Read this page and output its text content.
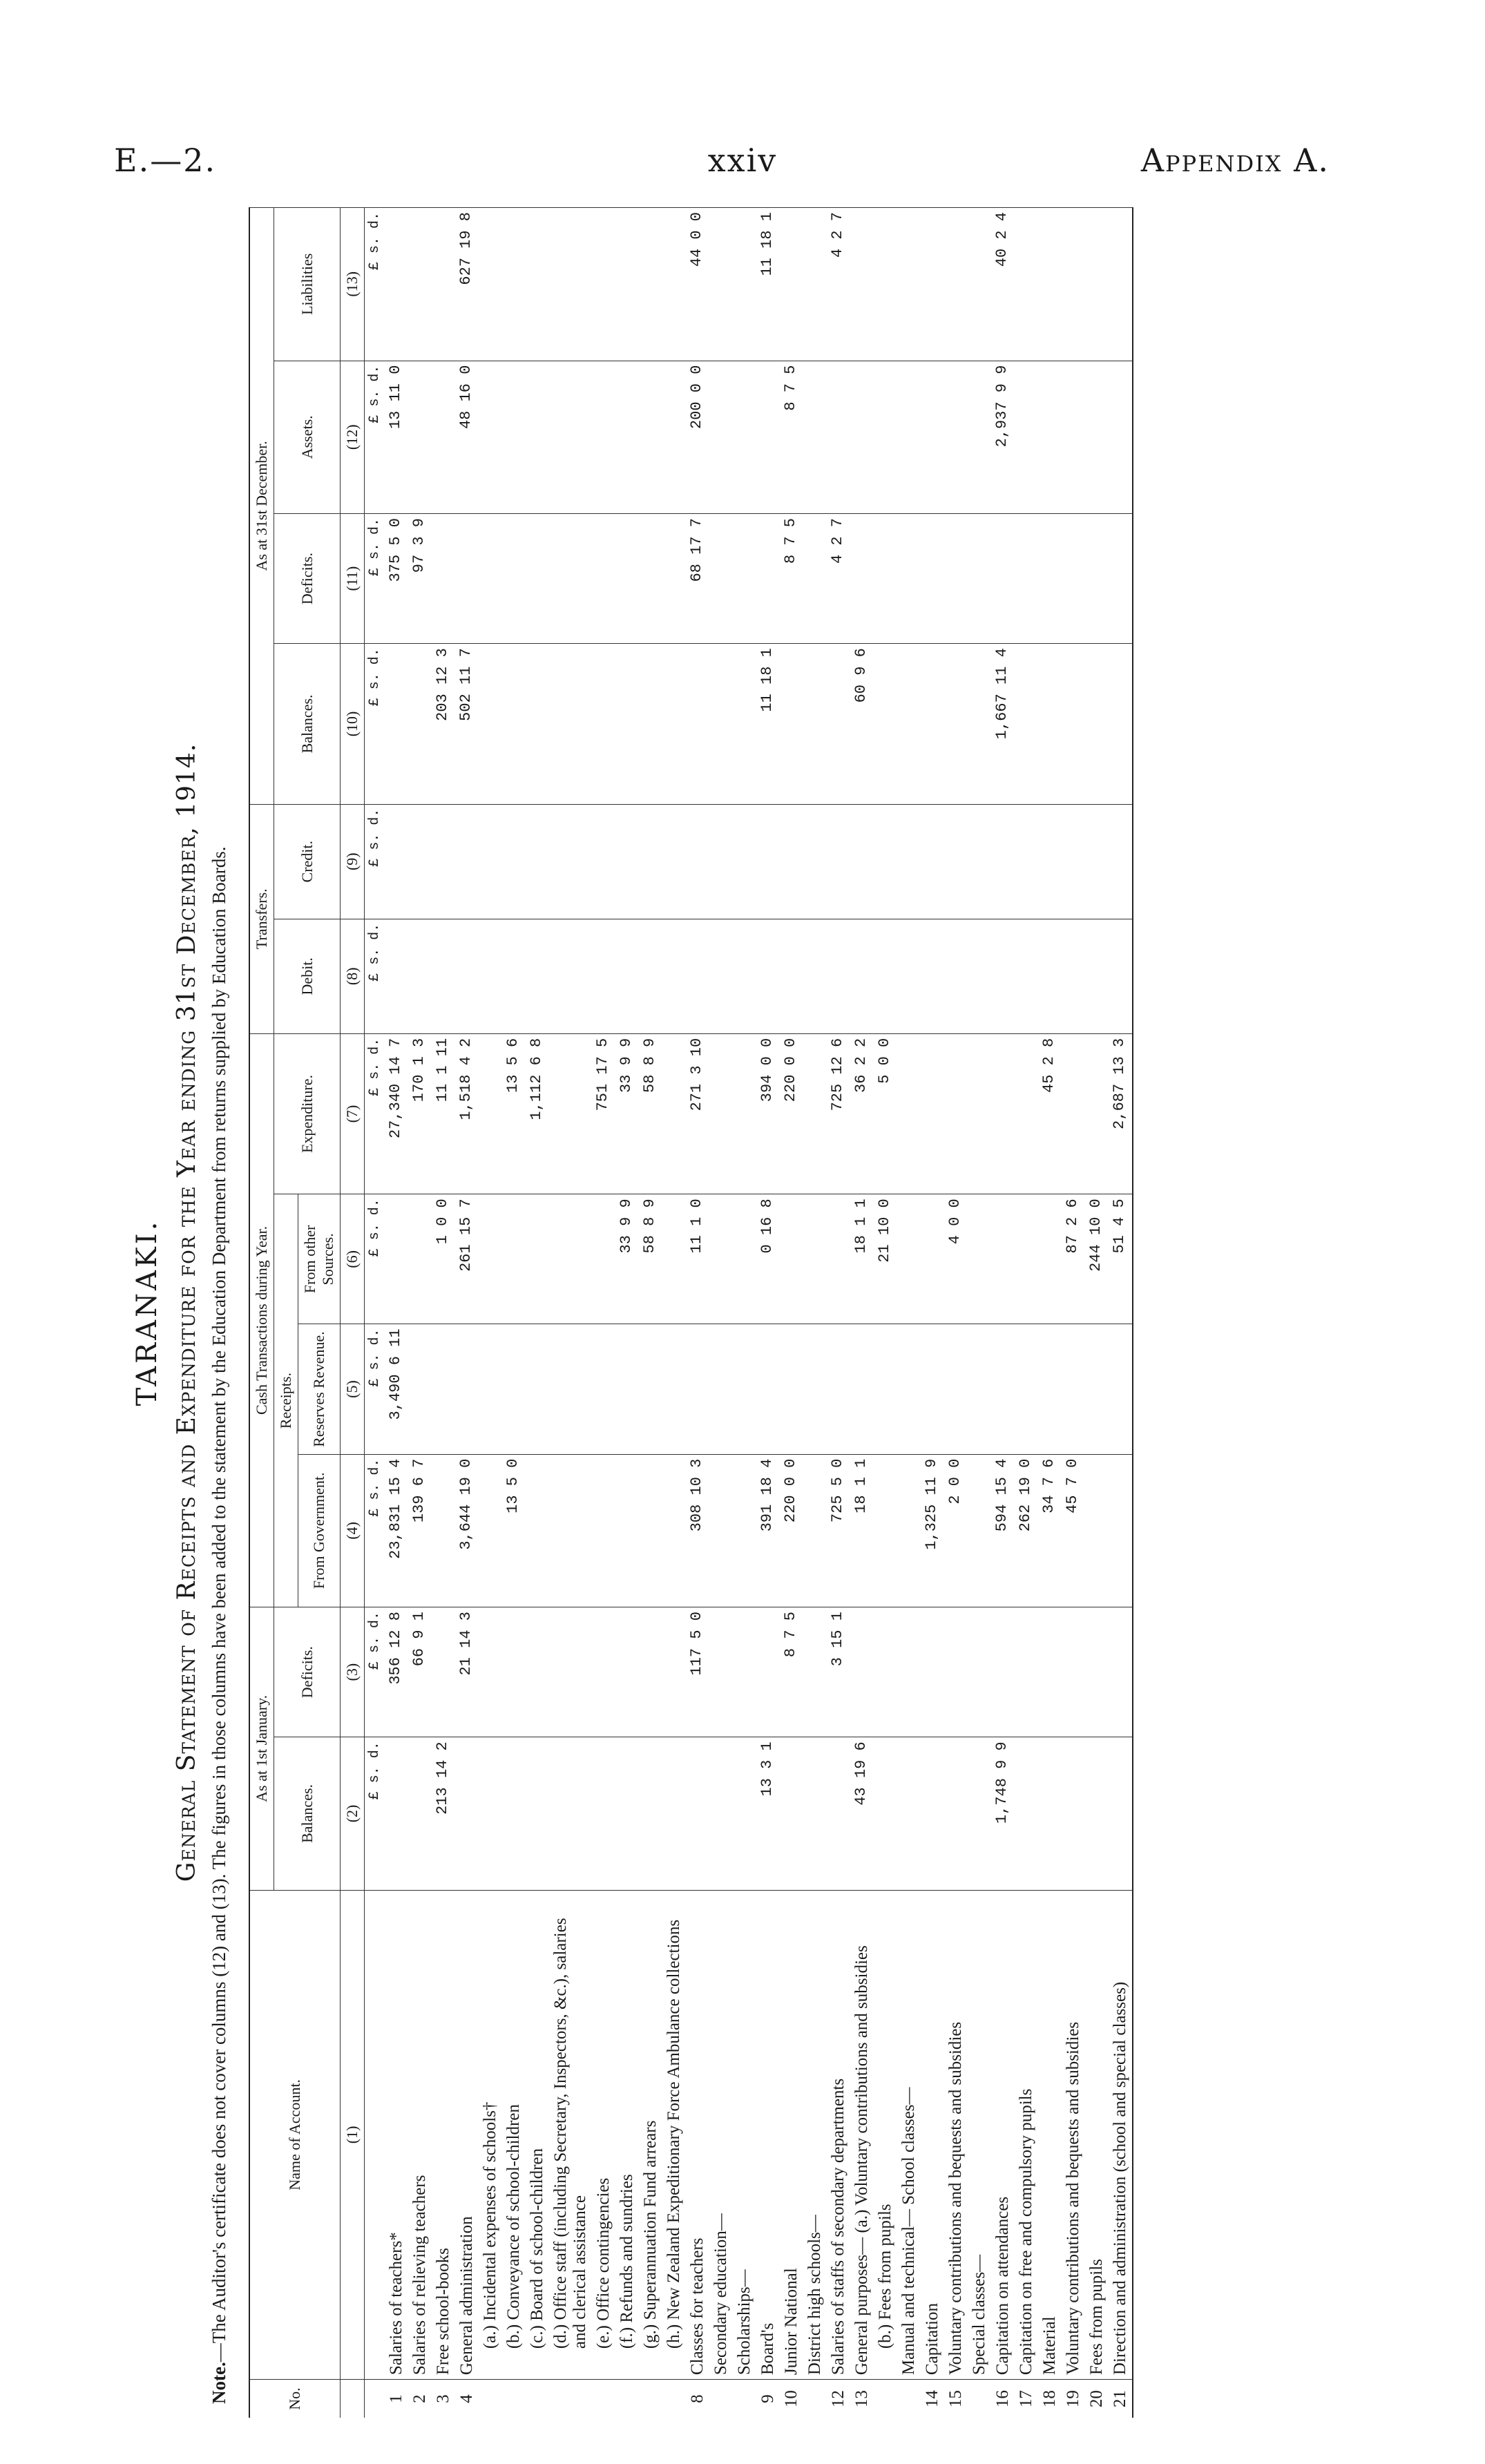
E.—2.	xxiv	Appendix A.
TARANAKI. General Statement of Receipts and Expenditure for the Year ending 31st December, 1914.
Note.—The Auditor's certificate does not cover columns (12) and (13). The figures in those columns have been added to the statement by the Education Department from returns supplied by Education Boards.
No.	Name of Account.	As at 1st January.		Cash Transactions during Year.				Transfers.		As at 31st December.			
		Balances.	Deficits.	Receipts.			Expenditure.	Debit.	Credit.	Balances.	Deficits.	Assets.	Liabilities
				From Government.	Reserves Revenue.	From other Sources.							
	(1)	(2)	(3)	(4)	(5)	(6)	(7)	(8)	(9)	(10)	(11)	(12)	(13)
		£ s. d.	£ s. d.	£ s. d.	£ s. d.	£ s. d.	£ s. d.	£ s. d.	£ s. d.	£ s. d.	£ s. d.	£ s. d.	£ s. d.
1	Salaries of teachers*		356 12 8	23,831 15 4	3,490 6 11		27,340 14 7				375 5 0	13 11 0	
2	Salaries of relieving teachers		66 9 1	139 6 7			170 1 3				97 3 9		
3	Free school-books	213 14 2				1 0 0	11 1 11			203 12 3			
4	General administration		21 14 3	3,644 19 0		261 15 7	1,518 4 2			502 11 7		48 16 0	627 19 8
	(a.) Incidental expenses of schools†												
	(b.) Conveyance of school-children			13 5 0			13 5 6						
	(c.) Board of school-children						1,112 6 8						
	(d.) Office staff (including Secretary, Inspectors, &c.), salaries and clerical assistance												
	(e.) Office contingencies						751 17 5						
	(f.) Refunds and sundries					33 9 9	33 9 9						
	(g.) Superannuation Fund arrears					58 8 9	58 8 9						
	(h.) New Zealand Expeditionary Force Ambulance collections												
8	Classes for teachers		117 5 0	308 10 3		11 1 0	271 3 10				68 17 7	200 0 0	44 0 0
	Secondary education—												
	Scholarships—												
9	Board's	13 3 1		391 18 4		0 16 8	394 0 0			11 18 1			11 18 1
10	Junior National		8 7 5	220 0 0			220 0 0				8 7 5	8 7 5	
	District high schools—												
12	Salaries of staffs of secondary departments		3 15 1	725 5 0			725 12 6				4 2 7		4 2 7
13	General purposes— (a.) Voluntary contributions and subsidies	43 19 6		18 1 1		18 1 1	36 2 2			60 9 6			
	(b.) Fees from pupils					21 10 0	5 0 0						
	Manual and technical— School classes—												
14	Capitation			1,325 11 9									
15	Voluntary contributions and bequests and subsidies			2 0 0		4 0 0							
	Special classes—												
16	Capitation on attendances	1,748 9 9		594 15 4						1,667 11 4		2,937 9 9	40 2 4
17	Capitation on free and compulsory pupils			262 19 0									
18	Material			34 7 6			45 2 8						
19	Voluntary contributions and bequests and subsidies			45 7 0		87 2 6							
20	Fees from pupils					244 10 0							
21	Direction and administration (school and special classes)					51 4 5	2,687 13 3						
